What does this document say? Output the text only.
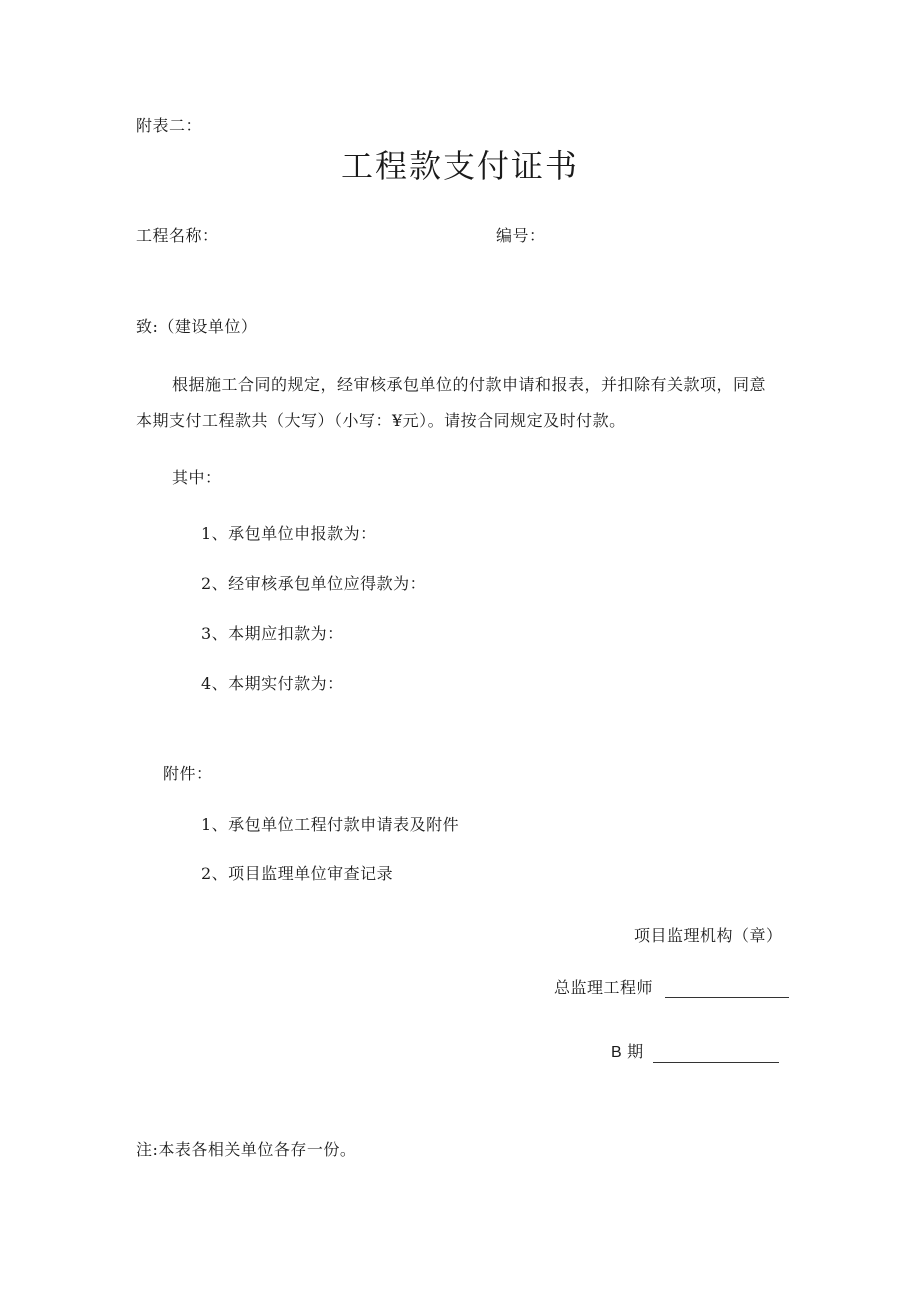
附表二：
工程款支付证书
工程名称：	编号：
致:（建设单位）
根据施工合同的规定，经审核承包单位的付款申请和报表，并扣除有关款项，同意
本期支付工程款共（大写）（小写：¥元）。请按合同规定及时付款。
其中：
1、承包单位申报款为：
2、经审核承包单位应得款为：
3、本期应扣款为：
4、本期实付款为：
附件：
1、承包单位工程付款申请表及附件
2、项目监理单位审查记录
项目监理机构（章）
总监理工程师
B 期
注:本表各相关单位各存一份。
